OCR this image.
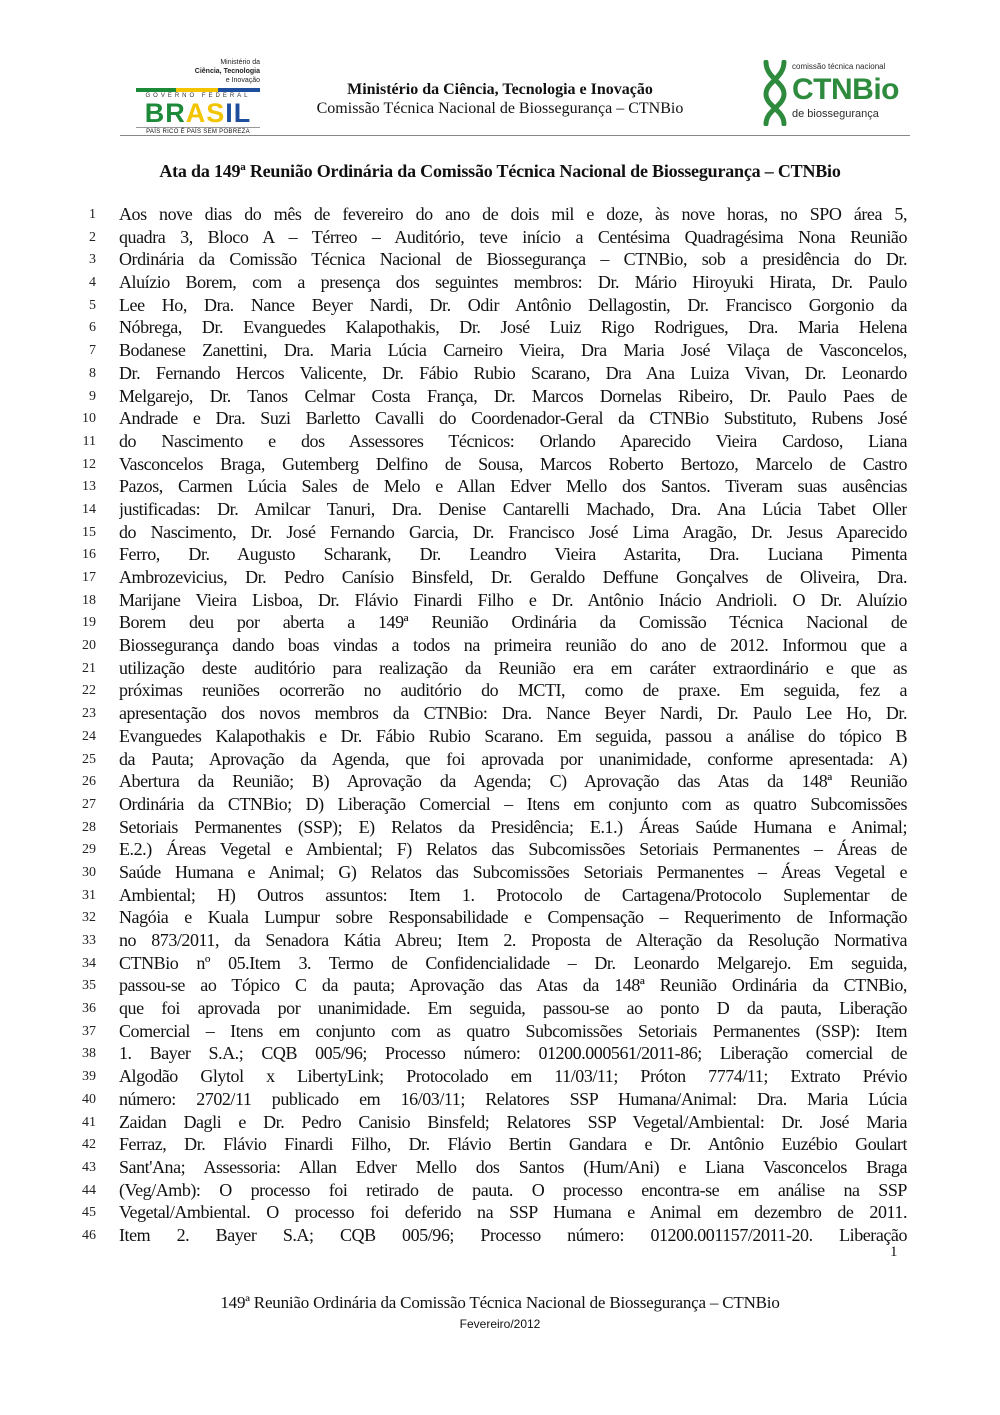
Ministério da
Ciência, Tecnologia
e Inovação
GOVERNO FEDERAL
BRASIL
PAÍS RICO É PAÍS SEM POBREZA
Ministério da Ciência, Tecnologia e Inovação
Comissão Técnica Nacional de Biossegurança – CTNBio
comissão técnica nacional
CTNBio
de biossegurança
Ata da 149ª Reunião Ordinária da Comissão Técnica Nacional de Biossegurança – CTNBio
1 Aos nove dias do mês de fevereiro do ano de dois mil e doze, às nove horas, no SPO área 5,
2 quadra 3, Bloco A – Térreo – Auditório, teve início a Centésima Quadragésima Nona Reunião
3 Ordinária da Comissão Técnica Nacional de Biossegurança – CTNBio, sob a presidência do Dr.
4 Aluízio Borem, com a presença dos seguintes membros: Dr. Mário Hiroyuki Hirata, Dr. Paulo
5 Lee Ho, Dra. Nance Beyer Nardi, Dr. Odir Antônio Dellagostin, Dr. Francisco Gorgonio da
6 Nóbrega, Dr. Evanguedes Kalapothakis, Dr. José Luiz Rigo Rodrigues, Dra. Maria Helena
7 Bodanese Zanettini, Dra. Maria Lúcia Carneiro Vieira, Dra Maria José Vilaça de Vasconcelos,
8 Dr. Fernando Hercos Valicente, Dr. Fábio Rubio Scarano, Dra Ana Luiza Vivan, Dr. Leonardo
9 Melgarejo, Dr. Tanos Celmar Costa França, Dr. Marcos Dornelas Ribeiro, Dr. Paulo Paes de
10 Andrade e Dra. Suzi Barletto Cavalli do Coordenador-Geral da CTNBio Substituto, Rubens José
11 do Nascimento e dos Assessores Técnicos: Orlando Aparecido Vieira Cardoso, Liana
12 Vasconcelos Braga, Gutemberg Delfino de Sousa, Marcos Roberto Bertozo, Marcelo de Castro
13 Pazos, Carmen Lúcia Sales de Melo e Allan Edver Mello dos Santos. Tiveram suas ausências
14 justificadas: Dr. Amilcar Tanuri, Dra. Denise Cantarelli Machado, Dra. Ana Lúcia Tabet Oller
15 do Nascimento, Dr. José Fernando Garcia, Dr. Francisco José Lima Aragão, Dr. Jesus Aparecido
16 Ferro, Dr. Augusto Scharank, Dr. Leandro Vieira Astarita, Dra. Luciana Pimenta
17 Ambrozevicius, Dr. Pedro Canísio Binsfeld, Dr. Geraldo Deffune Gonçalves de Oliveira, Dra.
18 Marijane Vieira Lisboa, Dr. Flávio Finardi Filho e Dr. Antônio Inácio Andrioli. O Dr. Aluízio
19 Borem deu por aberta a 149ª Reunião Ordinária da Comissão Técnica Nacional de
20 Biossegurança dando boas vindas a todos na primeira reunião do ano de 2012. Informou que a
21 utilização deste auditório para realização da Reunião era em caráter extraordinário e que as
22 próximas reuniões ocorrerão no auditório do MCTI, como de praxe. Em seguida, fez a
23 apresentação dos novos membros da CTNBio: Dra. Nance Beyer Nardi, Dr. Paulo Lee Ho, Dr.
24 Evanguedes Kalapothakis e Dr. Fábio Rubio Scarano. Em seguida, passou a análise do tópico B
25 da Pauta; Aprovação da Agenda, que foi aprovada por unanimidade, conforme apresentada: A)
26 Abertura da Reunião; B) Aprovação da Agenda; C) Aprovação das Atas da 148ª Reunião
27 Ordinária da CTNBio; D) Liberação Comercial – Itens em conjunto com as quatro Subcomissões
28 Setoriais Permanentes (SSP); E) Relatos da Presidência; E.1.) Áreas Saúde Humana e Animal;
29 E.2.) Áreas Vegetal e Ambiental; F) Relatos das Subcomissões Setoriais Permanentes – Áreas de
30 Saúde Humana e Animal; G) Relatos das Subcomissões Setoriais Permanentes – Áreas Vegetal e
31 Ambiental; H) Outros assuntos: Item 1. Protocolo de Cartagena/Protocolo Suplementar de
32 Nagóia e Kuala Lumpur sobre Responsabilidade e Compensação – Requerimento de Informação
33 no 873/2011, da Senadora Kátia Abreu; Item 2. Proposta de Alteração da Resolução Normativa
34 CTNBio nº 05.Item 3. Termo de Confidencialidade – Dr. Leonardo Melgarejo. Em seguida,
35 passou-se ao Tópico C da pauta; Aprovação das Atas da 148ª Reunião Ordinária da CTNBio,
36 que foi aprovada por unanimidade. Em seguida, passou-se ao ponto D da pauta, Liberação
37 Comercial – Itens em conjunto com as quatro Subcomissões Setoriais Permanentes (SSP): Item
38 1. Bayer S.A.; CQB 005/96; Processo número: 01200.000561/2011-86; Liberação comercial de
39 Algodão Glytol x LibertyLink; Protocolado em 11/03/11; Próton 7774/11; Extrato Prévio
40 número: 2702/11 publicado em 16/03/11; Relatores SSP Humana/Animal: Dra. Maria Lúcia
41 Zaidan Dagli e Dr. Pedro Canisio Binsfeld; Relatores SSP Vegetal/Ambiental: Dr. José Maria
42 Ferraz, Dr. Flávio Finardi Filho, Dr. Flávio Bertin Gandara e Dr. Antônio Euzébio Goulart
43 Sant'Ana; Assessoria: Allan Edver Mello dos Santos (Hum/Ani) e Liana Vasconcelos Braga
44 (Veg/Amb): O processo foi retirado de pauta. O processo encontra-se em análise na SSP
45 Vegetal/Ambiental. O processo foi deferido na SSP Humana e Animal em dezembro de 2011.
46 Item 2. Bayer S.A; CQB 005/96; Processo número: 01200.001157/2011-20. Liberação
1
149ª Reunião Ordinária da Comissão Técnica Nacional de Biossegurança – CTNBio
Fevereiro/2012
